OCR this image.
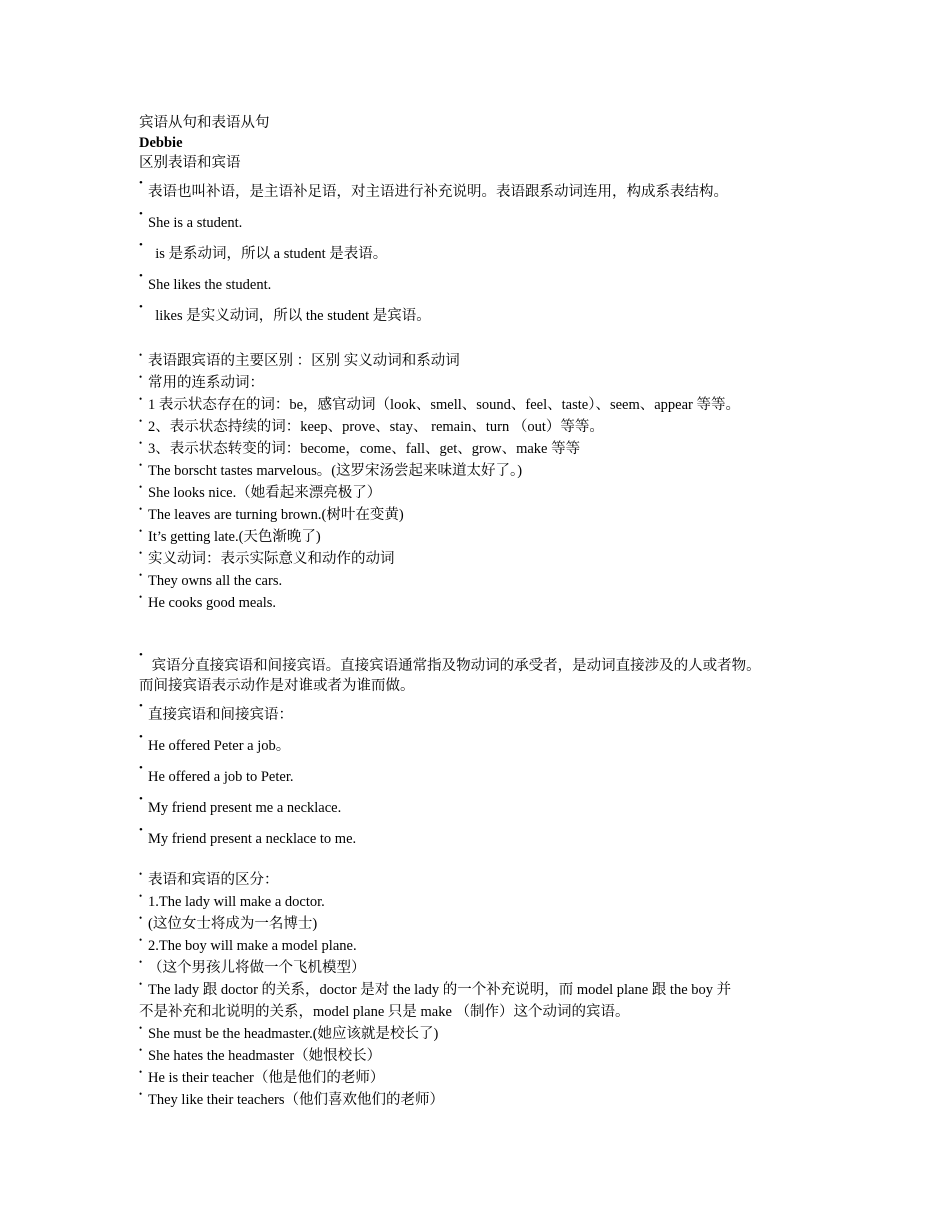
宾语从句和表语从句

Debbie

区别表语和宾语

•
表语也叫补语，是主语补足语，对主语进行补充说明。表语跟系动词连用，构成系表结构。

•
She is a student.

•
is 是系动词，所以 a student 是表语。

•
She likes the student.

•
likes 是实义动词，所以 the student 是宾语。

• 表语跟宾语的主要区别 ：区别 实义动词和系动词

• 常用的连系动词：

• 1 表示状态存在的词：be，感官动词（look、smell、sound、feel、taste）、seem、appear 等等。

• 2、表示状态持续的词：keep、prove、stay、 remain、turn （out）等等。

• 3、表示状态转变的词：become，come、fall、get、grow、make 等等

• The borscht tastes marvelous。(这罗宋汤尝起来味道太好了。)

• She looks nice.（她看起来漂亮极了）

• The leaves are turning brown.(树叶在变黄)

• It’s getting late.(天色渐晚了)

• 实义动词：表示实际意义和动作的动词

• They owns all the cars.

• He cooks good meals.

•
宾语分直接宾语和间接宾语。直接宾语通常指及物动词的承受者，是动词直接涉及的人或者物。
而间接宾语表示动作是对谁或者为谁而做。

•
直接宾语和间接宾语：

•
He offered Peter a job。

•
He offered a job to Peter.

•
My friend present me a necklace.

•
My friend present a necklace to me.

• 表语和宾语的区分：

• 1.The lady will make a doctor.

• (这位女士将成为一名博士)

• 2.The boy will make a model plane.

• （这个男孩儿将做一个飞机模型）

• The lady 跟 doctor 的关系，doctor 是对 the lady 的一个补充说明，而 model plane 跟 the boy 并
不是补充和北说明的关系，model plane 只是 make （制作）这个动词的宾语。

• She must be the headmaster.(她应该就是校长了)

• She hates the headmaster（她恨校长）

• He is their teacher（他是他们的老师）

• They like their teachers（他们喜欢他们的老师）
